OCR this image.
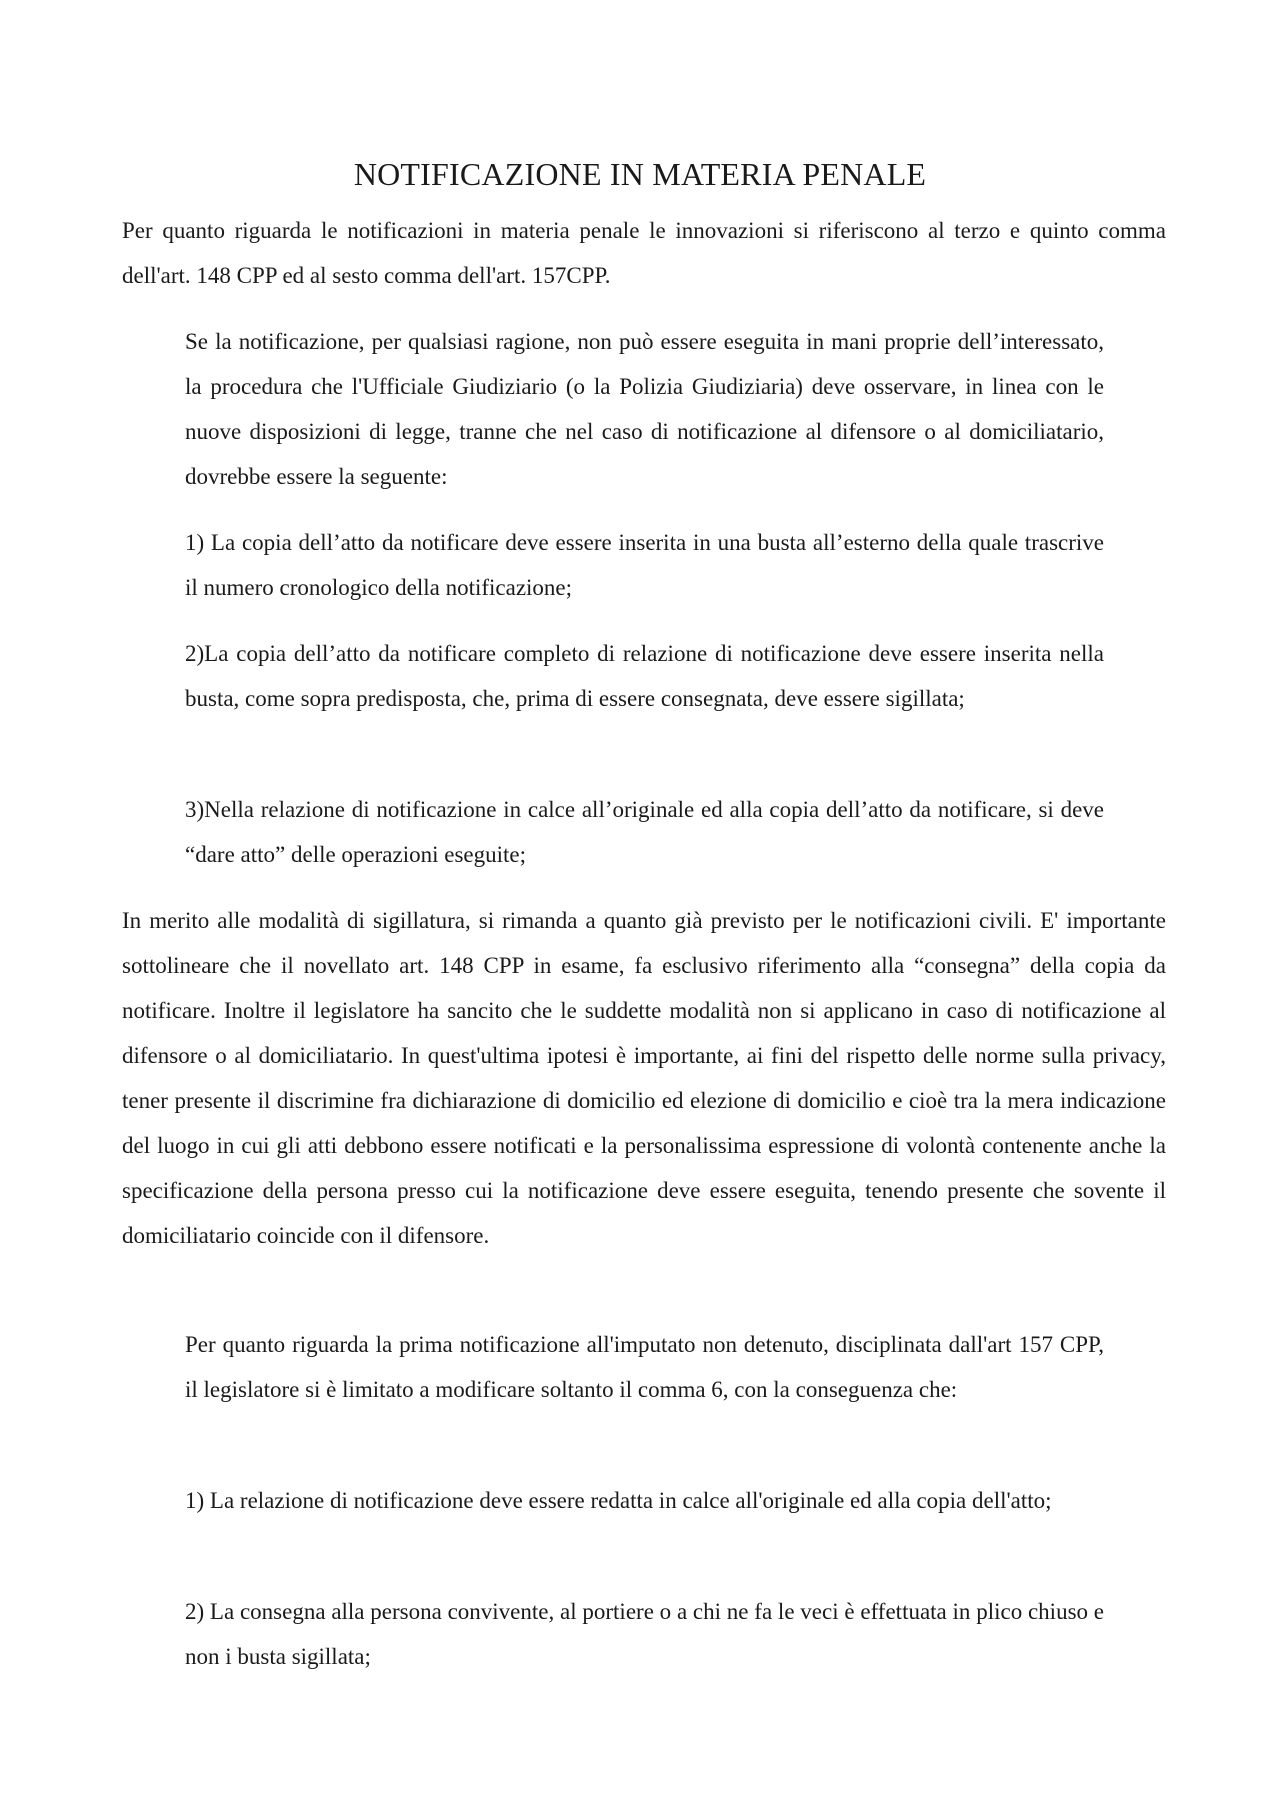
NOTIFICAZIONE IN MATERIA PENALE

Per quanto riguarda le notificazioni in materia penale le innovazioni si riferiscono al terzo e quinto comma dell'art. 148 CPP ed al sesto comma dell'art. 157CPP.

Se la notificazione, per qualsiasi ragione, non può essere eseguita in mani proprie dell’interessato, la procedura che l'Ufficiale Giudiziario (o la Polizia Giudiziaria) deve osservare, in linea con le nuove disposizioni di legge, tranne che nel caso di notificazione al difensore o al domiciliatario, dovrebbe essere la seguente:

1) La copia dell’atto da notificare deve essere inserita in una busta all’esterno della quale trascrive il numero cronologico della notificazione;

2)La copia dell’atto da notificare completo di relazione di notificazione deve essere inserita nella busta, come sopra predisposta, che, prima di essere consegnata, deve essere sigillata;

3)Nella relazione di notificazione in calce all’originale ed alla copia dell’atto da notificare, si deve “dare atto” delle operazioni eseguite;

In merito alle modalità di sigillatura, si rimanda a quanto già previsto per le notificazioni civili. E' importante sottolineare che il novellato art. 148 CPP in esame, fa esclusivo riferimento alla “consegna” della copia da notificare. Inoltre il legislatore ha sancito che le suddette modalità non si applicano in caso di notificazione al difensore o al domiciliatario. In quest'ultima ipotesi è importante, ai fini del rispetto delle norme sulla privacy, tener presente il discrimine fra dichiarazione di domicilio ed elezione di domicilio e cioè tra la mera indicazione del luogo in cui gli atti debbono essere notificati e la personalissima espressione di volontà contenente anche la specificazione della persona presso cui la notificazione deve essere eseguita, tenendo presente che sovente il domiciliatario coincide con il difensore.

Per quanto riguarda la prima notificazione all'imputato non detenuto, disciplinata dall'art 157 CPP, il legislatore si è limitato a modificare soltanto il comma 6, con la conseguenza che:

1) La relazione di notificazione deve essere redatta in calce all'originale ed alla copia dell'atto;

2) La consegna alla persona convivente, al portiere o a chi ne fa le veci è effettuata in plico chiuso e non i busta sigillata;
